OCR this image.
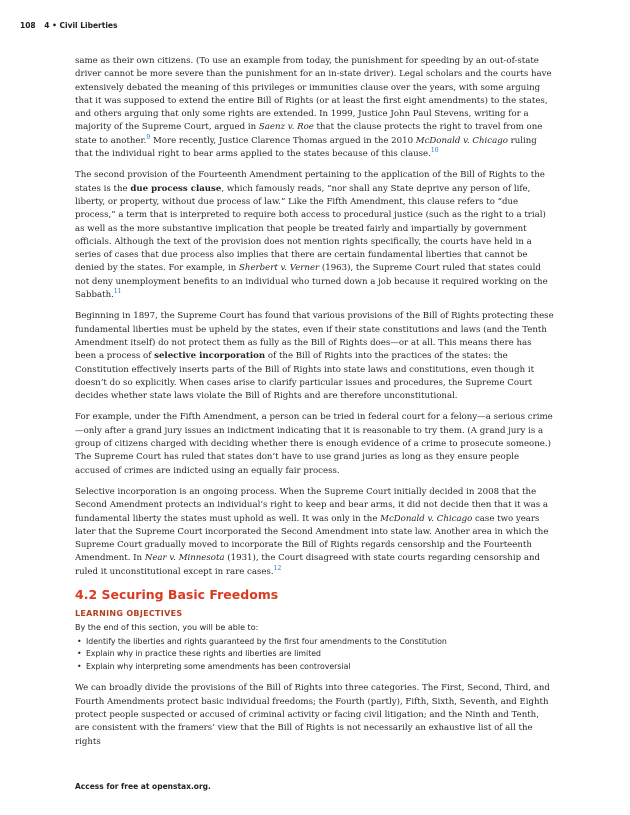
108 4 • Civil Liberties

same as their own citizens. (To use an example from today, the punishment for speeding by an out-of-state driver cannot be more severe than the punishment for an in-state driver). Legal scholars and the courts have extensively debated the meaning of this privileges or immunities clause over the years, with some arguing that it was supposed to extend the entire Bill of Rights (or at least the first eight amendments) to the states, and others arguing that only some rights are extended. In 1999, Justice John Paul Stevens, writing for a majority of the Supreme Court, argued in Saenz v. Roe that the clause protects the right to travel from one state to another.$^9$ More recently, Justice Clarence Thomas argued in the 2010 McDonald v. Chicago ruling that the individual right to bear arms applied to the states because of this clause.$^{10}$

The second provision of the Fourteenth Amendment pertaining to the application of the Bill of Rights to the states is the due process clause, which famously reads, “nor shall any State deprive any person of life, liberty, or property, without due process of law.” Like the Fifth Amendment, this clause refers to “due process,” a term that is interpreted to require both access to procedural justice (such as the right to a trial) as well as the more substantive implication that people be treated fairly and impartially by government officials. Although the text of the provision does not mention rights specifically, the courts have held in a series of cases that due process also implies that there are certain fundamental liberties that cannot be denied by the states. For example, in Sherbert v. Verner (1963), the Supreme Court ruled that states could not deny unemployment benefits to an individual who turned down a job because it required working on the Sabbath.$^{11}$

Beginning in 1897, the Supreme Court has found that various provisions of the Bill of Rights protecting these fundamental liberties must be upheld by the states, even if their state constitutions and laws (and the Tenth Amendment itself) do not protect them as fully as the Bill of Rights does—or at all. This means there has been a process of selective incorporation of the Bill of Rights into the practices of the states: the Constitution effectively inserts parts of the Bill of Rights into state laws and constitutions, even though it doesn’t do so explicitly. When cases arise to clarify particular issues and procedures, the Supreme Court decides whether state laws violate the Bill of Rights and are therefore unconstitutional.

For example, under the Fifth Amendment, a person can be tried in federal court for a felony—a serious crime—only after a grand jury issues an indictment indicating that it is reasonable to try them. (A grand jury is a group of citizens charged with deciding whether there is enough evidence of a crime to prosecute someone.) The Supreme Court has ruled that states don’t have to use grand juries as long as they ensure people accused of crimes are indicted using an equally fair process.

Selective incorporation is an ongoing process. When the Supreme Court initially decided in 2008 that the Second Amendment protects an individual’s right to keep and bear arms, it did not decide then that it was a fundamental liberty the states must uphold as well. It was only in the McDonald v. Chicago case two years later that the Supreme Court incorporated the Second Amendment into state law. Another area in which the Supreme Court gradually moved to incorporate the Bill of Rights regards censorship and the Fourteenth Amendment. In Near v. Minnesota (1931), the Court disagreed with state courts regarding censorship and ruled it unconstitutional except in rare cases.$^{12}$

4.2 Securing Basic Freedoms
LEARNING OBJECTIVES
By the end of this section, you will be able to:
• Identify the liberties and rights guaranteed by the first four amendments to the Constitution
• Explain why in practice these rights and liberties are limited
• Explain why interpreting some amendments has been controversial

We can broadly divide the provisions of the Bill of Rights into three categories. The First, Second, Third, and Fourth Amendments protect basic individual freedoms; the Fourth (partly), Fifth, Sixth, Seventh, and Eighth protect people suspected or accused of criminal activity or facing civil litigation; and the Ninth and Tenth, are consistent with the framers’ view that the Bill of Rights is not necessarily an exhaustive list of all the rights

Access for free at openstax.org.
